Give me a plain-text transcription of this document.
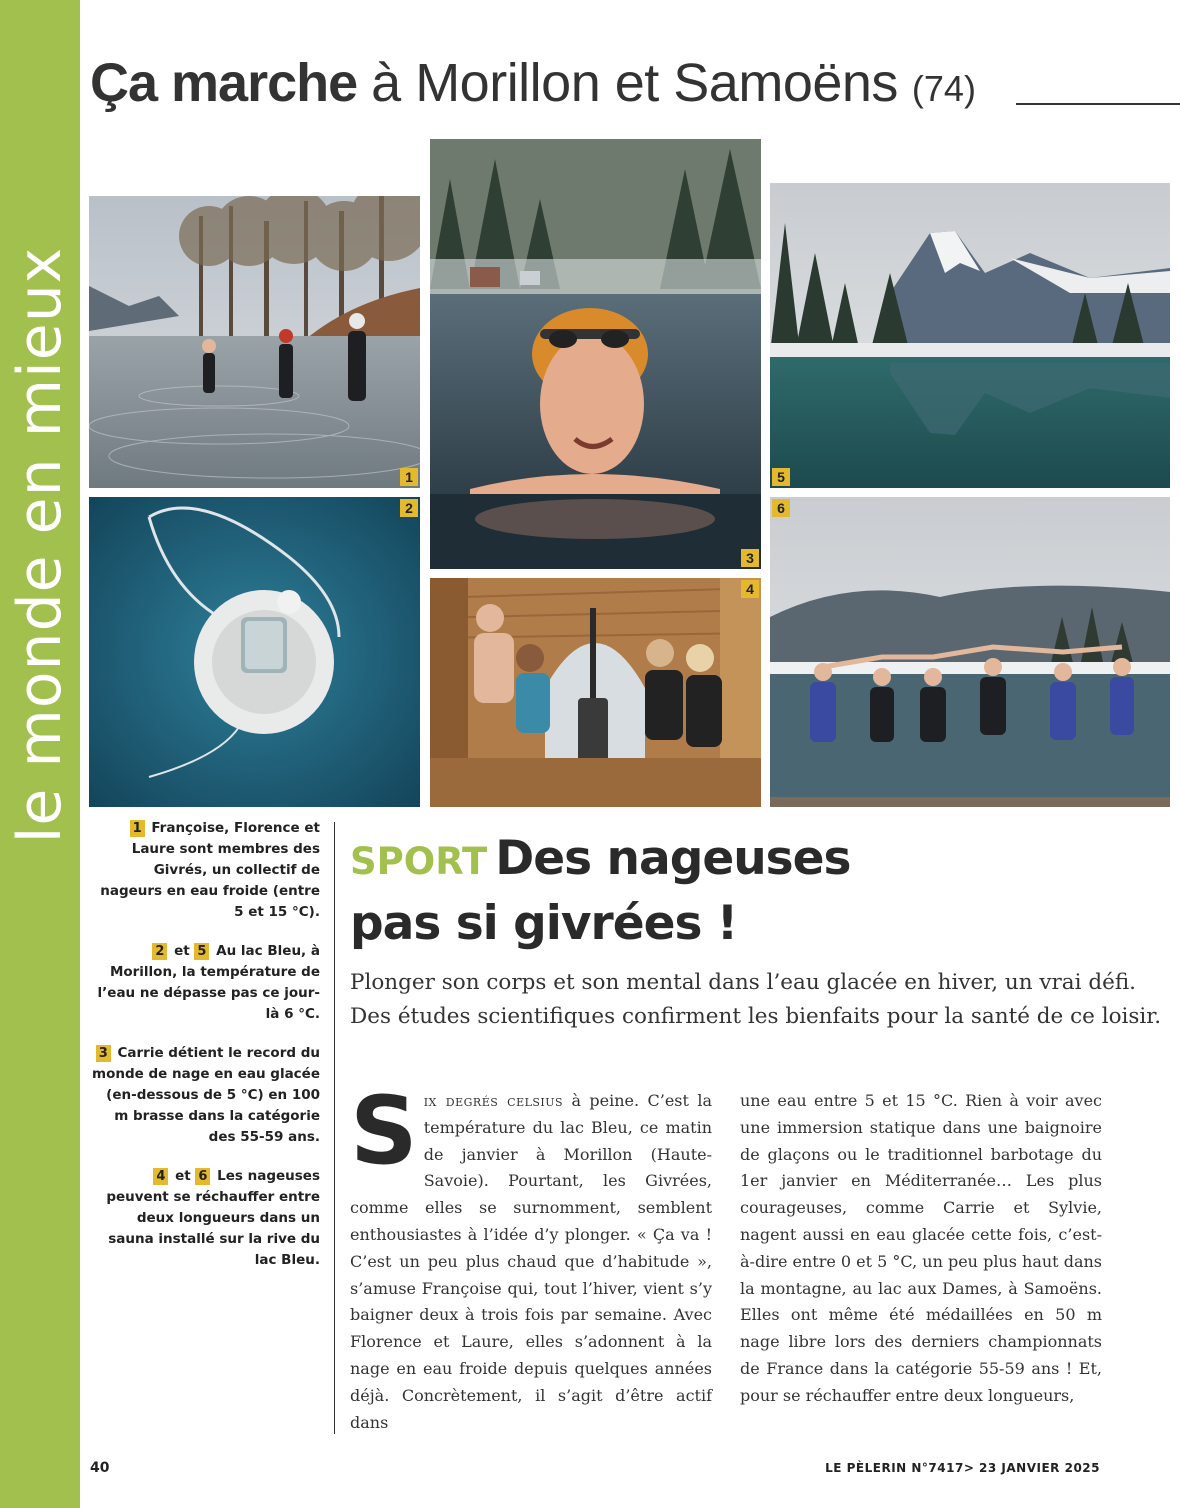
le monde en mieux
Ça marche à Morillon et Samoëns (74)
1
2
3
4
5
6
1 Françoise, Florence et Laure sont membres des Givrés, un collectif de nageurs en eau froide (entre 5 et 15 °C).
2 et 5 Au lac Bleu, à Morillon, la température de l’eau ne dépasse pas ce jour-là 6 °C.
3 Carrie détient le record du monde de nage en eau glacée (en-dessous de 5 °C) en 100 m brasse dans la catégorie des 55-59 ans.
4 et 6 Les nageuses peuvent se réchauffer entre deux longueurs dans un sauna installé sur la rive du lac Bleu.
SPORT Des nageuses
pas si givrées !
Plonger son corps et son mental dans l’eau glacée en hiver, un vrai défi. Des études scientifiques confirment les bienfaits pour la santé de ce loisir.
Six degrés celsius à peine. C’est la température du lac Bleu, ce matin de janvier à Morillon (Haute-Savoie). Pourtant, les Givrées, comme elles se surnomment, semblent enthousiastes à l’idée d’y plonger. « Ça va ! C’est un peu plus chaud que d’habitude », s’amuse Françoise qui, tout l’hiver, vient s’y baigner deux à trois fois par semaine. Avec Florence et Laure, elles s’adonnent à la nage en eau froide depuis quelques années déjà. Concrètement, il s’agit d’être actif dans
une eau entre 5 et 15 °C. Rien à voir avec une immersion statique dans une baignoire de glaçons ou le traditionnel barbotage du 1er janvier en Méditerranée… Les plus courageuses, comme Carrie et Sylvie, nagent aussi en eau glacée cette fois, c’est-à-dire entre 0 et 5 °C, un peu plus haut dans la montagne, au lac aux Dames, à Samoëns. Elles ont même été médaillées en 50 m nage libre lors des derniers championnats de France dans la catégorie 55-59 ans ! Et, pour se réchauffer entre deux longueurs,
40	LE PÈLERIN N°7417> 23 JANVIER 2025
